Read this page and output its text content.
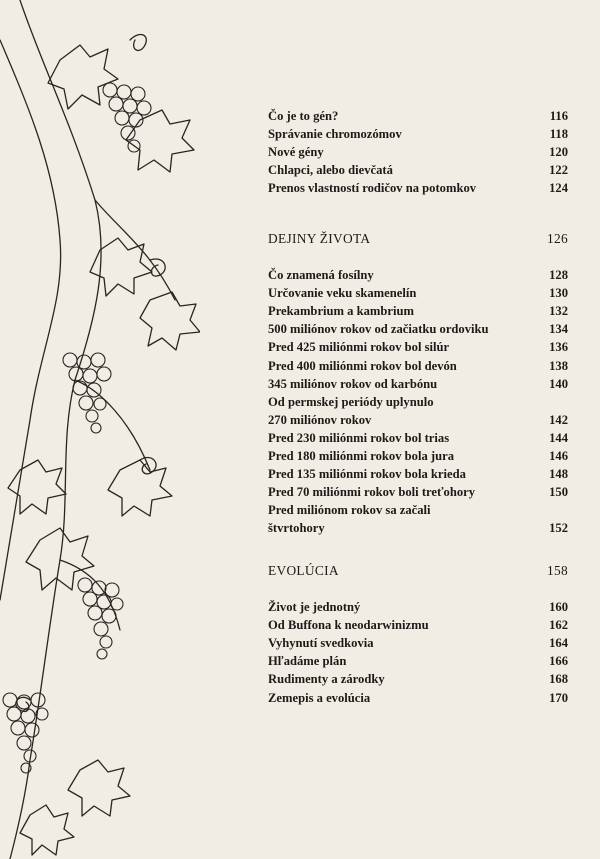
Čo je to gén?	116
Správanie chromozómov	118
Nové gény	120
Chlapci, alebo dievčatá	122
Prenos vlastností rodičov na potomkov	124
DEJINY ŽIVOTA	126
Čo znamená fosílny	128
Určovanie veku skamenelín	130
Prekambrium a kambrium	132
500 miliónov rokov od začiatku ordoviku	134
Pred 425 miliónmi rokov bol silúr	136
Pred 400 miliónmi rokov bol devón	138
345 miliónov rokov od karbónu	140
Od permskej periódy uplynulo
270 miliónov rokov	142
Pred 230 miliónmi rokov bol trias	144
Pred 180 miliónmi rokov bola jura	146
Pred 135 miliónmi rokov bola krieda	148
Pred 70 miliónmi rokov boli treťohory	150
Pred miliónom rokov sa začali
štvrtohory	152
EVOLÚCIA	158
Život je jednotný	160
Od Buffona k neodarwinizmu	162
Vyhynutí svedkovia	164
Hľadáme plán	166
Rudimenty a zárodky	168
Zemepis a evolúcia	170
